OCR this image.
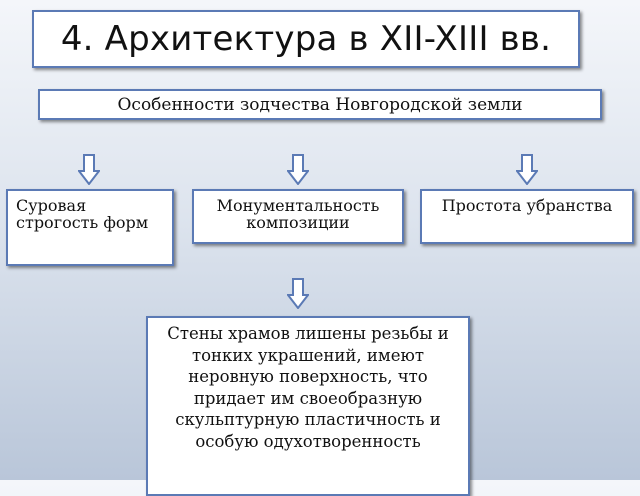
4. Архитектура в XII-XIII вв.
Особенности зодчества Новгородской земли
Суровая строгость форм
Монументальность композиции
Простота убранства
Стены храмов лишены резьбы и тонких украшений, имеют неровную поверхность, что придает им своеобразную скульптурную пластичность и особую одухотворенность
